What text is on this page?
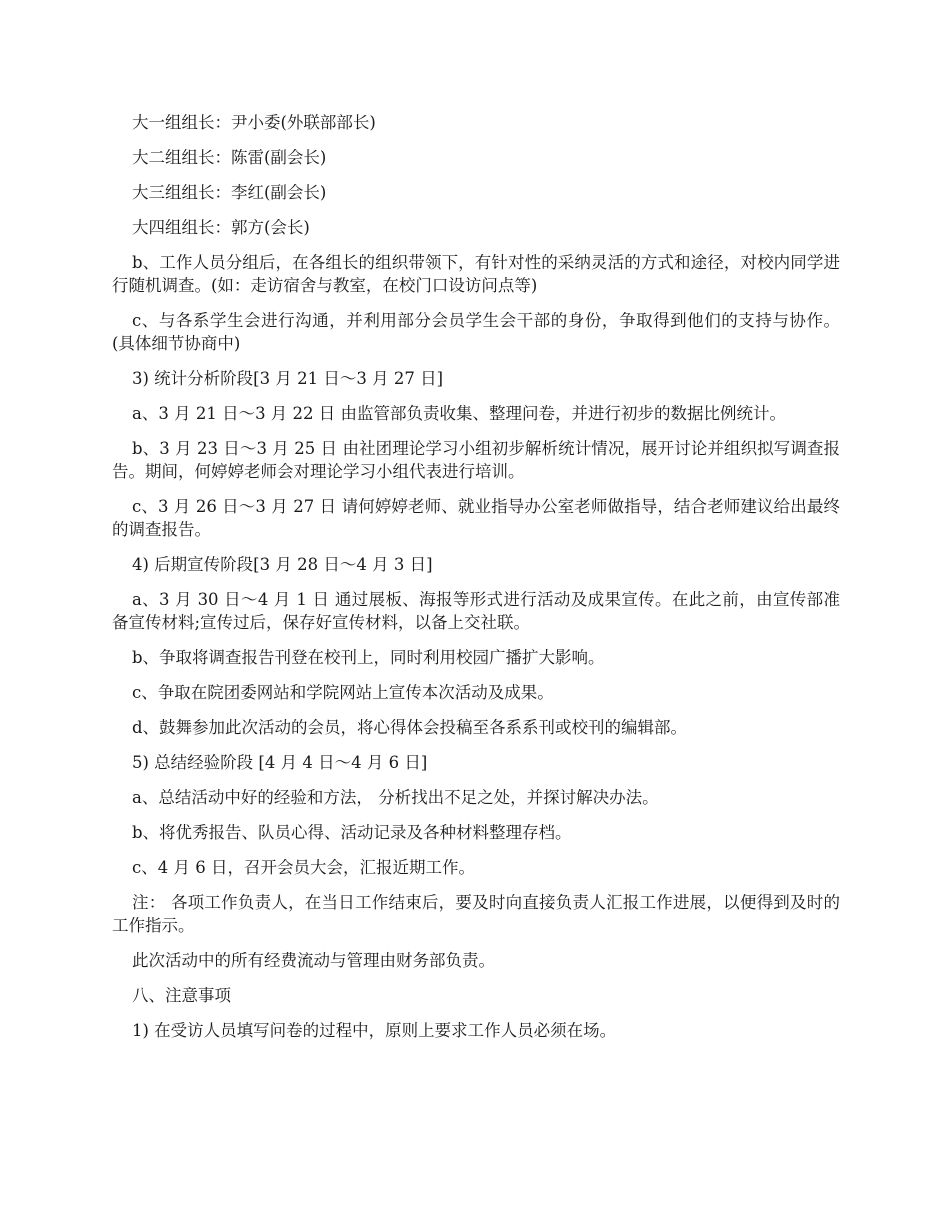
大一组组长：尹小委(外联部部长)

大二组组长：陈雷(副会长)

大三组组长：李红(副会长)

大四组组长：郭方(会长)

b、工作人员分组后，在各组长的组织带领下，有针对性的采纳灵活的方式和途径，对校内同学进行随机调查。(如：走访宿舍与教室，在校门口设访问点等)

c、与各系学生会进行沟通，并利用部分会员学生会干部的身份，争取得到他们的支持与协作。(具体细节协商中)

3) 统计分析阶段[3 月 21 日～3 月 27 日]

a、3 月 21 日～3 月 22 日 由监管部负责收集、整理问卷，并进行初步的数据比例统计。

b、3 月 23 日～3 月 25 日 由社团理论学习小组初步解析统计情况，展开讨论并组织拟写调查报告。期间，何婷婷老师会对理论学习小组代表进行培训。

c、3 月 26 日～3 月 27 日 请何婷婷老师、就业指导办公室老师做指导，结合老师建议给出最终的调查报告。

4) 后期宣传阶段[3 月 28 日～4 月 3 日]

a、3 月 30 日～4 月 1 日 通过展板、海报等形式进行活动及成果宣传。在此之前，由宣传部准备宣传材料;宣传过后，保存好宣传材料，以备上交社联。

b、争取将调查报告刊登在校刊上，同时利用校园广播扩大影响。

c、争取在院团委网站和学院网站上宣传本次活动及成果。

d、鼓舞参加此次活动的会员，将心得体会投稿至各系系刊或校刊的编辑部。

5) 总结经验阶段 [4 月 4 日～4 月 6 日]

a、总结活动中好的经验和方法， 分析找出不足之处，并探讨解决办法。

b、将优秀报告、队员心得、活动记录及各种材料整理存档。

c、4 月 6 日，召开会员大会，汇报近期工作。

注： 各项工作负责人，在当日工作结束后，要及时向直接负责人汇报工作进展，以便得到及时的工作指示。

此次活动中的所有经费流动与管理由财务部负责。

八、注意事项

1) 在受访人员填写问卷的过程中，原则上要求工作人员必须在场。
